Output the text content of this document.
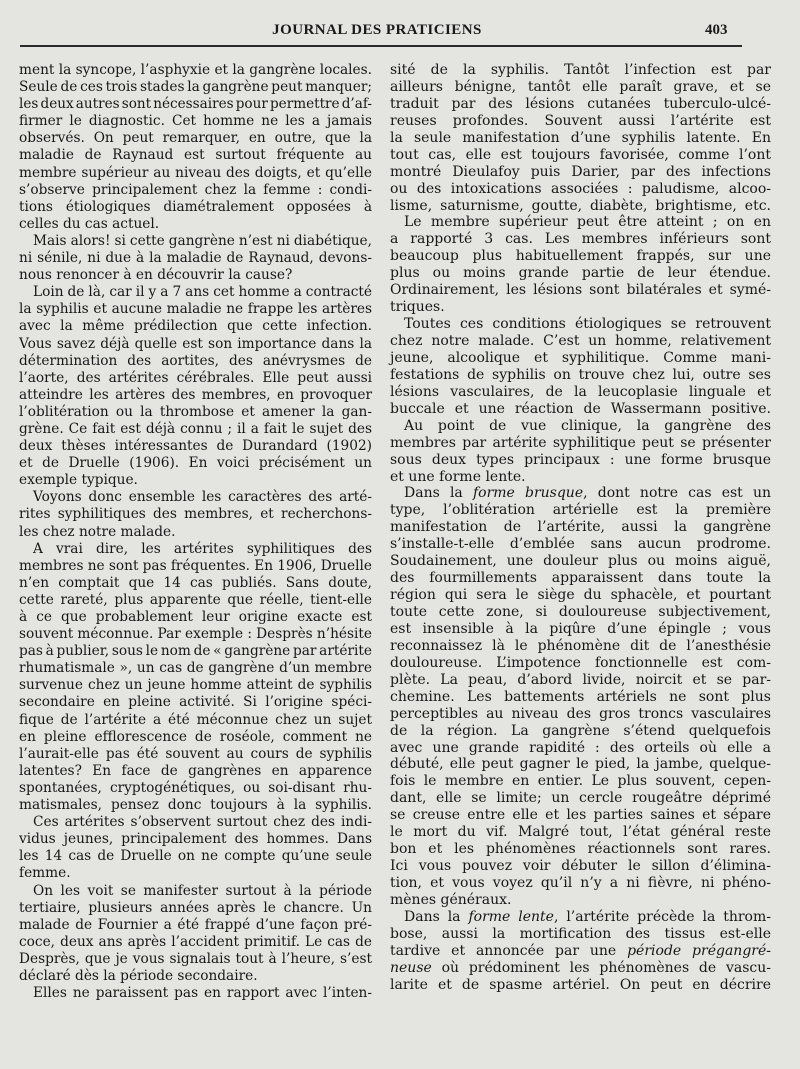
JOURNAL DES PRATICIENS	403
ment la syncope, l’asphyxie et la gangrène locales.
Seule de ces trois stades la gangrène peut manquer;
les deux autres sont nécessaires pour permettre d’af-
firmer le diagnostic. Cet homme ne les a jamais
observés. On peut remarquer, en outre, que la
maladie de Raynaud est surtout fréquente au
membre supérieur au niveau des doigts, et qu’elle
s’observe principalement chez la femme : condi-
tions étiologiques diamétralement opposées à
celles du cas actuel.
Mais alors! si cette gangrène n’est ni diabétique,
ni sénile, ni due à la maladie de Raynaud, devons-
nous renoncer à en découvrir la cause?
Loin de là, car il y a 7 ans cet homme a contracté
la syphilis et aucune maladie ne frappe les artères
avec la même prédilection que cette infection.
Vous savez déjà quelle est son importance dans la
détermination des aortites, des anévrysmes de
l’aorte, des artérites cérébrales. Elle peut aussi
atteindre les artères des membres, en provoquer
l’oblitération ou la thrombose et amener la gan-
grène. Ce fait est déjà connu ; il a fait le sujet des
deux thèses intéressantes de Durandard (1902)
et de Druelle (1906). En voici précisément un
exemple typique.
Voyons donc ensemble les caractères des arté-
rites syphilitiques des membres, et recherchons-
les chez notre malade.
A vrai dire, les artérites syphilitiques des
membres ne sont pas fréquentes. En 1906, Druelle
n’en comptait que 14 cas publiés. Sans doute,
cette rareté, plus apparente que réelle, tient-elle
à ce que probablement leur origine exacte est
souvent méconnue. Par exemple : Desprès n’hésite
pas à publier, sous le nom de « gangrène par artérite
rhumatismale », un cas de gangrène d’un membre
survenue chez un jeune homme atteint de syphilis
secondaire en pleine activité. Si l’origine spéci-
fique de l’artérite a été méconnue chez un sujet
en pleine efflorescence de roséole, comment ne
l’aurait-elle pas été souvent au cours de syphilis
latentes? En face de gangrènes en apparence
spontanées, cryptogénétiques, ou soi-disant rhu-
matismales, pensez donc toujours à la syphilis.
Ces artérites s’observent surtout chez des indi-
vidus jeunes, principalement des hommes. Dans
les 14 cas de Druelle on ne compte qu’une seule
femme.
On les voit se manifester surtout à la période
tertiaire, plusieurs années après le chancre. Un
malade de Fournier a été frappé d’une façon pré-
coce, deux ans après l’accident primitif. Le cas de
Desprès, que je vous signalais tout à l’heure, s’est
déclaré dès la période secondaire.
Elles ne paraissent pas en rapport avec l’inten-
sité de la syphilis. Tantôt l’infection est par
ailleurs bénigne, tantôt elle paraît grave, et se
traduit par des lésions cutanées tuberculo-ulcé-
reuses profondes. Souvent aussi l’artérite est
la seule manifestation d’une syphilis latente. En
tout cas, elle est toujours favorisée, comme l’ont
montré Dieulafoy puis Darier, par des infections
ou des intoxications associées : paludisme, alcoo-
lisme, saturnisme, goutte, diabète, brightisme, etc.
Le membre supérieur peut être atteint ; on en
a rapporté 3 cas. Les membres inférieurs sont
beaucoup plus habituellement frappés, sur une
plus ou moins grande partie de leur étendue.
Ordinairement, les lésions sont bilatérales et symé-
triques.
Toutes ces conditions étiologiques se retrouvent
chez notre malade. C’est un homme, relativement
jeune, alcoolique et syphilitique. Comme mani-
festations de syphilis on trouve chez lui, outre ses
lésions vasculaires, de la leucoplasie linguale et
buccale et une réaction de Wassermann positive.
Au point de vue clinique, la gangrène des
membres par artérite syphilitique peut se présenter
sous deux types principaux : une forme brusque
et une forme lente.
Dans la forme brusque, dont notre cas est un
type, l’oblitération artérielle est la première
manifestation de l’artérite, aussi la gangrène
s’installe-t-elle d’emblée sans aucun prodrome.
Soudainement, une douleur plus ou moins aiguë,
des fourmillements apparaissent dans toute la
région qui sera le siège du sphacèle, et pourtant
toute cette zone, si douloureuse subjectivement,
est insensible à la piqûre d’une épingle ; vous
reconnaissez là le phénomène dit de l’anesthésie
douloureuse. L’impotence fonctionnelle est com-
plète. La peau, d’abord livide, noircit et se par-
chemine. Les battements artériels ne sont plus
perceptibles au niveau des gros troncs vasculaires
de la région. La gangrène s’étend quelquefois
avec une grande rapidité : des orteils où elle a
débuté, elle peut gagner le pied, la jambe, quelque-
fois le membre en entier. Le plus souvent, cepen-
dant, elle se limite; un cercle rougeâtre déprimé
se creuse entre elle et les parties saines et sépare
le mort du vif. Malgré tout, l’état général reste
bon et les phénomènes réactionnels sont rares.
Ici vous pouvez voir débuter le sillon d’élimina-
tion, et vous voyez qu’il n’y a ni fièvre, ni phéno-
mènes généraux.
Dans la forme lente, l’artérite précède la throm-
bose, aussi la mortification des tissus est-elle
tardive et annoncée par une période prégangré-
neuse où prédominent les phénomènes de vascu-
larite et de spasme artériel. On peut en décrire
